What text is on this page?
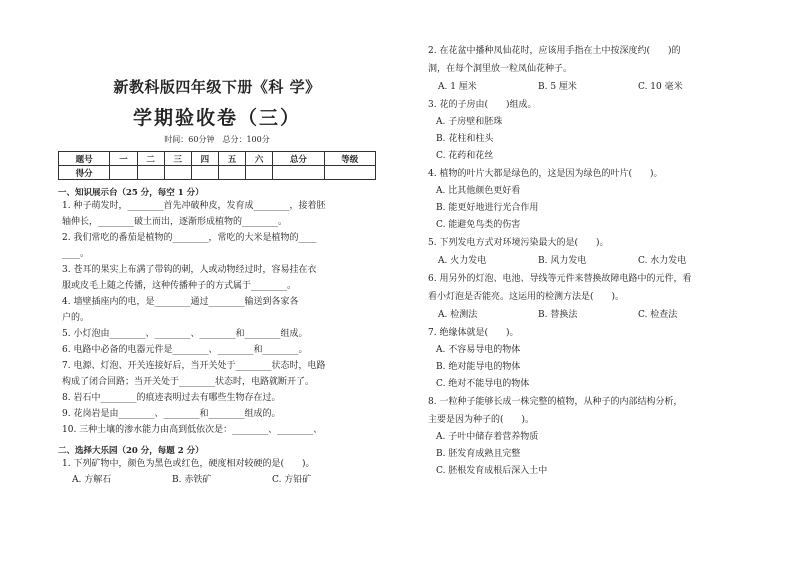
新教科版四年级下册《科 学》
学期验收卷（三）
时间：60分钟　总分：100分
题号	一	二	三	四	五	六	总分	等级
得分								
一、知识展示台（25 分，每空 1 分）
1. 种子萌发时，________首先冲破种皮，发育成________，接着胚
轴伸长，________破土而出，逐渐形成植物的________。
2. 我们常吃的番茄是植物的________，常吃的大米是植物的____
____。
3. 苍耳的果实上布满了带钩的刺，人或动物经过时，容易挂在衣
服或皮毛上随之传播，这种传播种子的方式属于________。
4. 墙壁插座内的电，是________通过________输送到各家各
户的。
5. 小灯泡由________、________、________和________组成。
6. 电路中必备的电器元件是________、________和________。
7. 电源、灯泡、开关连接好后，当开关处于________状态时，电路
构成了闭合回路；当开关处于________状态时，电路就断开了。
8. 岩石中________的痕迹表明过去有哪些生物存在过。
9. 花岗岩是由________、________和________组成的。
10. 三种土壤的渗水能力由高到低依次是：________、________、
二、选择大乐园（20 分，每题 2 分）
1. 下列矿物中，颜色为黑色或红色，硬度相对较硬的是(　　)。
A. 方解石	B. 赤铁矿	C. 方铅矿
2. 在花盆中播种凤仙花时，应该用手指在土中按深度约(　　)的
洞，在每个洞里放一粒凤仙花种子。
A. 1 厘米	B. 5 厘米	C. 10 毫米
3. 花的子房由(　　)组成。
A. 子房壁和胚珠
B. 花柱和柱头
C. 花药和花丝
4. 植物的叶片大都是绿色的，这是因为绿色的叶片(　　)。
A. 比其他颜色更好看
B. 能更好地进行光合作用
C. 能避免鸟类的伤害
5. 下列发电方式对环境污染最大的是(　　)。
A. 火力发电	B. 风力发电	C. 水力发电
6. 用另外的灯泡、电池、导线等元件来替换故障电路中的元件，看
看小灯泡是否能亮。这运用的检测方法是(　　)。
A. 检测法	B. 替换法	C. 检查法
7. 绝缘体就是(　　)。
A. 不容易导电的物体
B. 绝对能导电的物体
C. 绝对不能导电的物体
8. 一粒种子能够长成一株完整的植物，从种子的内部结构分析，
主要是因为种子的(　　)。
A. 子叶中储存着营养物质
B. 胚发育成熟且完整
C. 胚根发育成根后深入土中
